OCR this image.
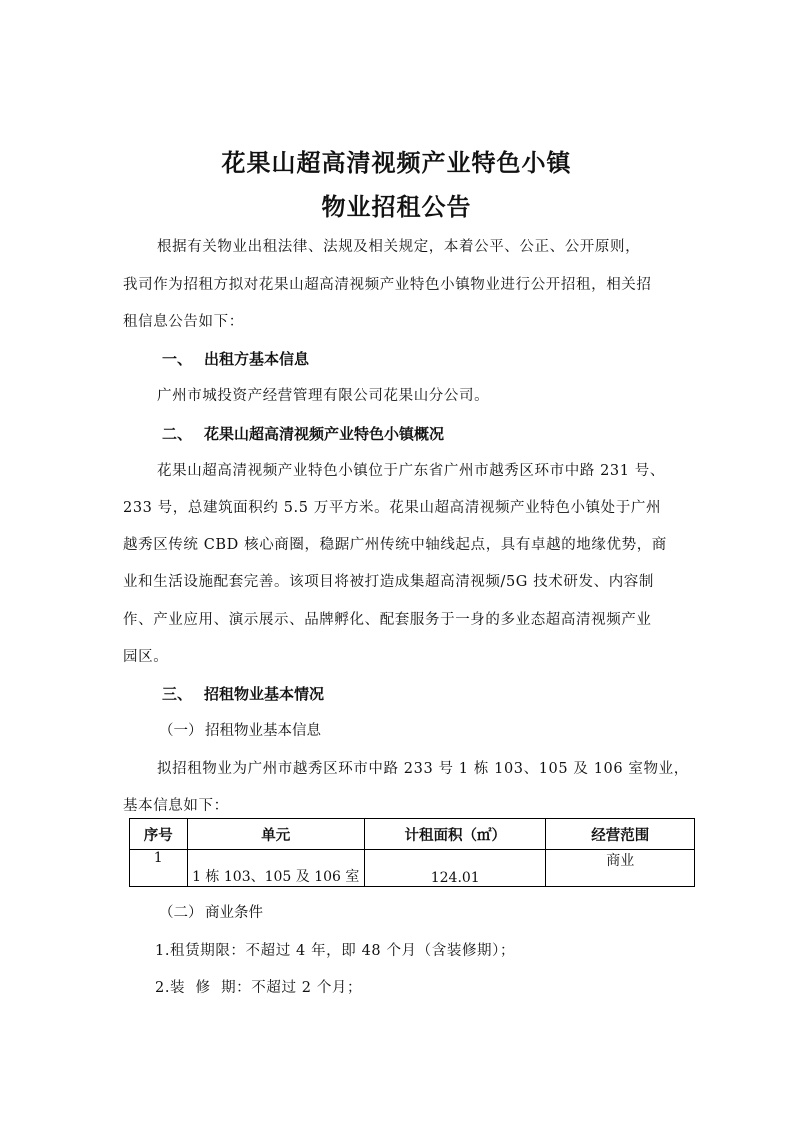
花果山超高清视频产业特色小镇
物业招租公告

根据有关物业出租法律、法规及相关规定，本着公平、公正、公开原则，

我司作为招租方拟对花果山超高清视频产业特色小镇物业进行公开招租，相关招

租信息公告如下：

一、 出租方基本信息

广州市城投资产经营管理有限公司花果山分公司。

二、 花果山超高清视频产业特色小镇概况

花果山超高清视频产业特色小镇位于广东省广州市越秀区环市中路 231 号、

233 号，总建筑面积约 5.5 万平方米。花果山超高清视频产业特色小镇处于广州

越秀区传统 CBD 核心商圈，稳踞广州传统中轴线起点，具有卓越的地缘优势，商

业和生活设施配套完善。该项目将被打造成集超高清视频/5G 技术研发、内容制

作、产业应用、演示展示、品牌孵化、配套服务于一身的多业态超高清视频产业

园区。

三、 招租物业基本情况

（一） 招租物业基本信息

拟招租物业为广州市越秀区环市中路 233 号 1 栋 103、105 及 106 室物业，

基本信息如下：

序号	单元	计租面积（㎡）	经营范围
1	1 栋 103、105 及 106 室	124.01	商业

（二） 商业条件

1.租赁期限：不超过 4 年，即 48 个月（含装修期）；

2.装  修  期：不超过 2 个月；
